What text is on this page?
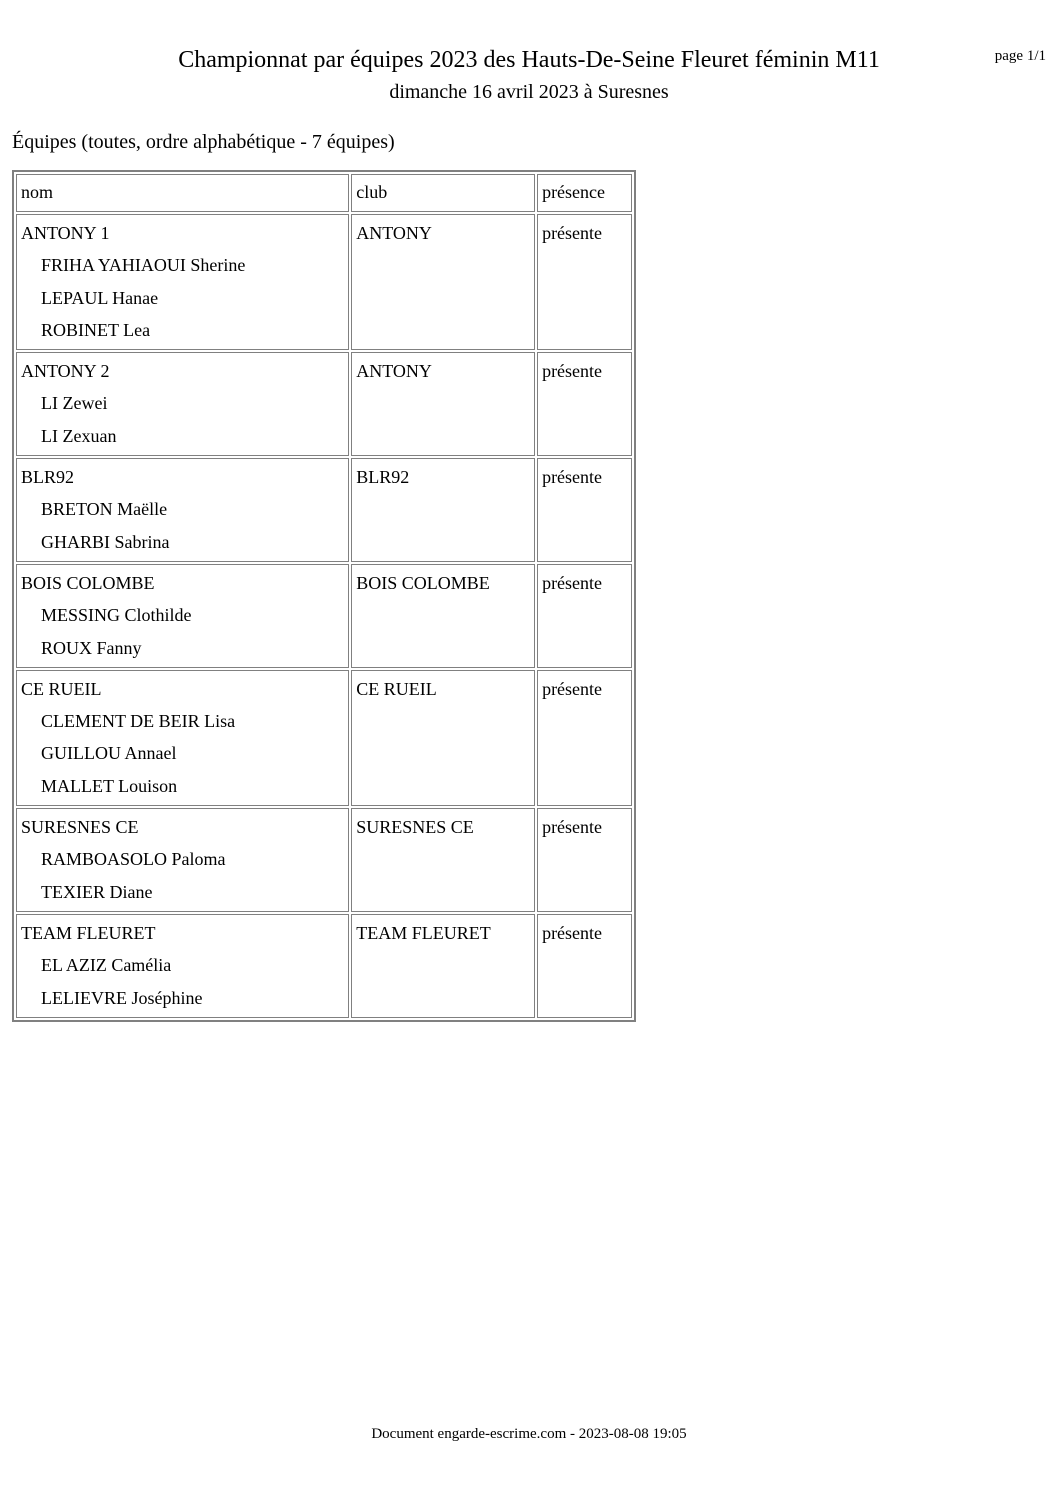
Championnat par équipes 2023 des Hauts-De-Seine Fleuret féminin M11
dimanche 16 avril 2023 à Suresnes
page 1/1
Équipes (toutes, ordre alphabétique - 7 équipes)
nom	club	présence

ANTONY 1
FRIHA YAHIAOUI Sherine
LEPAUL Hanae
ROBINET Lea	ANTONY	présente

ANTONY 2
LI Zewei
LI Zexuan	ANTONY	présente

BLR92
BRETON Maëlle
GHARBI Sabrina	BLR92	présente

BOIS COLOMBE
MESSING Clothilde
ROUX Fanny	BOIS COLOMBE	présente

CE RUEIL
CLEMENT DE BEIR Lisa
GUILLOU Annael
MALLET Louison	CE RUEIL	présente

SURESNES CE
RAMBOASOLO Paloma
TEXIER Diane	SURESNES CE	présente

TEAM FLEURET
EL AZIZ Camélia
LELIEVRE Joséphine	TEAM FLEURET	présente
Document engarde-escrime.com - 2023-08-08 19:05
